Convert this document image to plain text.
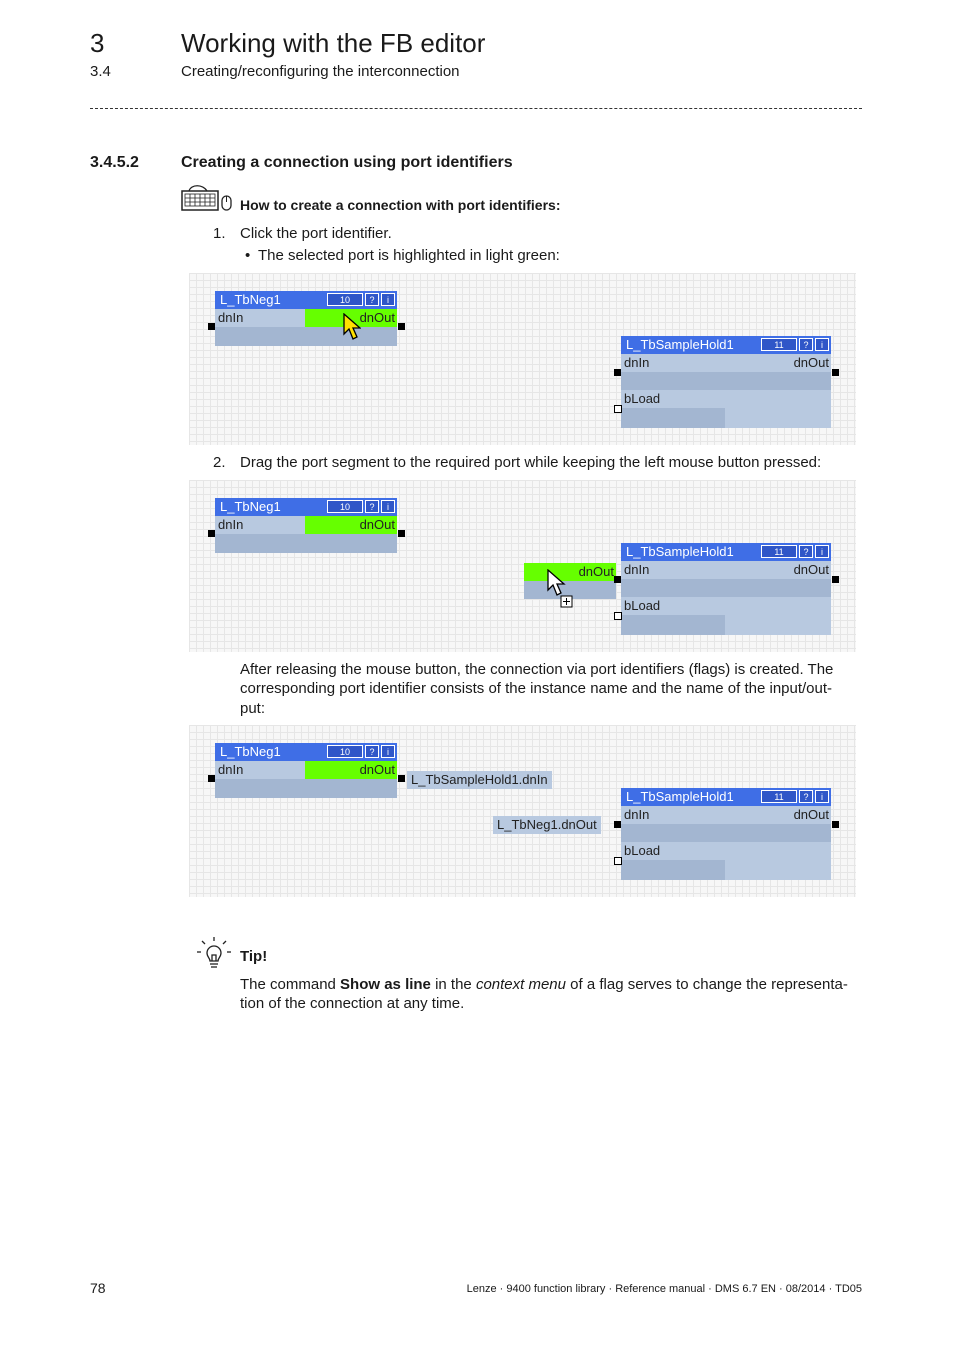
3	Working with the FB editor
3.4	Creating/reconfiguring the interconnection
3.4.5.2	Creating a connection using port identifiers
How to create a connection with port identifiers:
1. Click the port identifier.
• The selected port is highlighted in light green:
L_TbNeg1	10	?	i
dnIn	dnOut
L_TbSampleHold1	11	?	i
dnIn	dnOut
bLoad
2. Drag the port segment to the required port while keeping the left mouse button pressed:
L_TbNeg1	10	?	i
dnIn	dnOut
dnOut
L_TbSampleHold1	11	?	i
dnIn	dnOut
bLoad
After releasing the mouse button, the connection via port identifiers (flags) is created. The
corresponding port identifier consists of the instance name and the name of the input/out-
put:
L_TbNeg1	10	?	i
dnIn	dnOut
L_TbSampleHold1.dnIn
L_TbNeg1.dnOut
L_TbSampleHold1	11	?	i
dnIn	dnOut
bLoad
Tip!
The command Show as line in the context menu of a flag serves to change the representa-
tion of the connection at any time.
78	Lenze · 9400 function library · Reference manual · DMS 6.7 EN · 08/2014 · TD05
